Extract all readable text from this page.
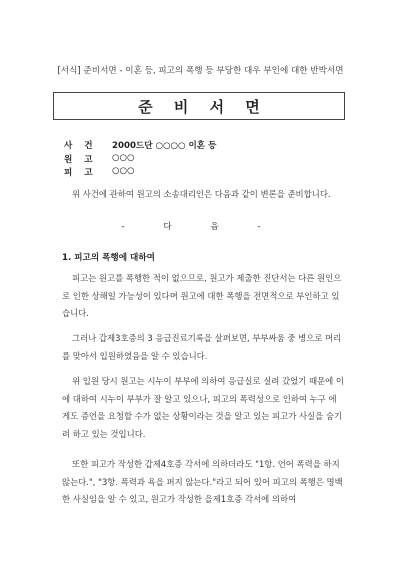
[서식] 준비서면 - 이혼 등, 피고의 폭행 등 부당한 대우 부인에 대한 반박서면
준 비 서 면
사건 2000드단 ○○○○ 이혼 등
원고 ○○○
피고 ○○○

위 사건에 관하여 원고의 소송대리인은 다음과 같이 변론을 준비합니다.

- 다 음 -
1. 피고의 폭행에 대하여

피고는 원고를 폭행한 적이 없으므로, 원고가 제출한 진단서는 다른 원인으로 인한 상해일 가능성이 있다며 원고에 대한 폭행을 전면적으로 부인하고 있습니다.

그러나 갑제3호증의 3 응급진료기록을 살펴보면, 부부싸움 중 병으로 머리를 맞아서 입원하였음을 알 수 있습니다.

위 입원 당시 원고는 시누이 부부에 의하여 응급실로 실려 갔었기 때문에 이에 대하여 시누이 부부가 잘 알고 있으나, 피고의 폭력성으로 인하여 누구 에게도 증언을 요청할 수가 없는 상황이라는 것을 알고 있는 피고가 사실을 숨기려 하고 있는 것입니다.

또한 피고가 작성한 갑제4호증 각서에 의하더라도 "1항. 언어 폭력을 하지 않는다.", "3항. 폭력과 욕을 퍼지 않는다."라고 되어 있어 피고의 폭행은 명백한 사실임을 알 수 있고, 원고가 작성한 을제1호증 각서에 의하여
